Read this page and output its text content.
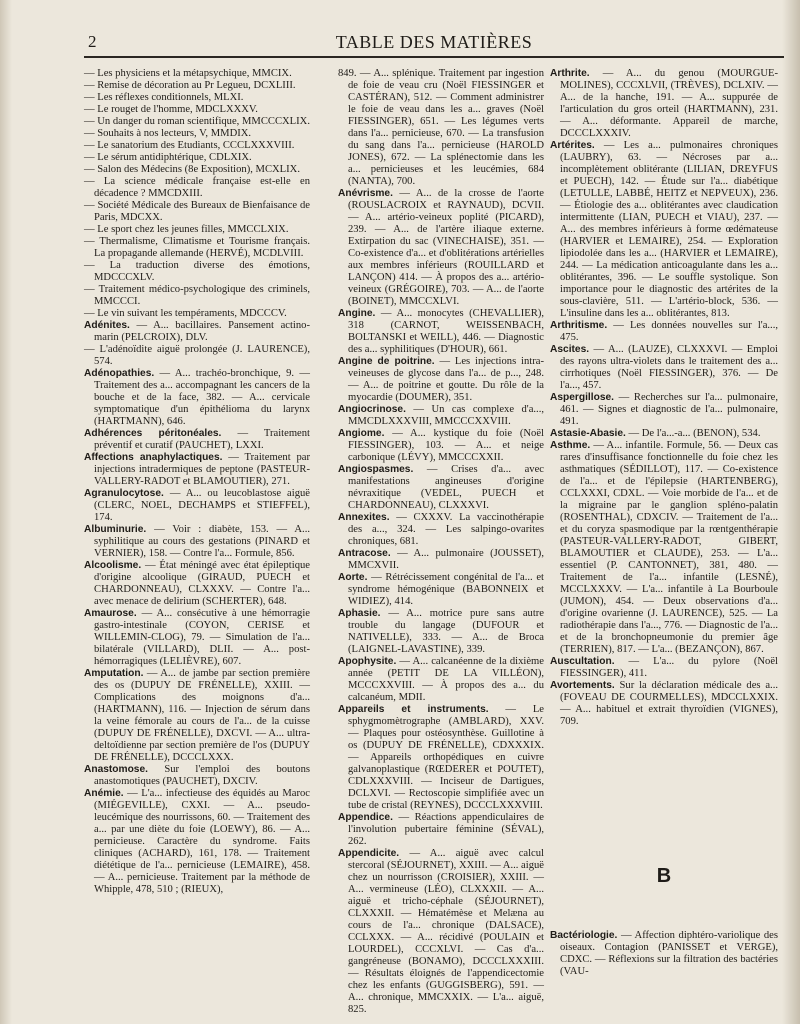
2	TABLE DES MATIÈRES
— Les physiciens et la métapsychique, MMCIX.
— Remise de décoration au Pr Legueu, DCXLIII.
— Les réflexes conditionnels, MLXI.
— Le rouget de l'homme, MDCLXXXV.
— Un danger du roman scientifique, MMCCCXLIX.
— Souhaits à nos lecteurs, V, MMDIX.
— Le sanatorium des Etudiants, CCCLXXXVIII.
— Le sérum antidiphtérique, CDLXIX.
— Salon des Médecins (8e Exposition), MCXLIX.
— La science médicale française est-elle en décadence ? MMCDXIII.
— Société Médicale des Bureaux de Bienfaisance de Paris, MDCXX.
— Le sport chez les jeunes filles, MMCCLXIX.
— Thermalisme, Climatisme et Tourisme français. La propagande allemande (HERVÉ), MCDLVIII.
— La traduction diverse des émotions, MDCCCXLV.
— Traitement médico-psychologique des criminels, MMCCCI.
— Le vin suivant les tempéraments, MDCCCV.
Adénites. — A... bacillaires. Pansement actino-marin (PELCROIX), DLV.
— L'adénoïdite aiguë prolongée (J. LAURENCE), 574.
Adénopathies. — A... trachéo-bronchique, 9. — Traitement des a... accompagnant les cancers de la bouche et de la face, 382. — A... cervicale symptomatique d'un épithélioma du larynx (HARTMANN), 646.
Adhérences péritonéales. — Traitement préventif et curatif (PAUCHET), LXXI.
Affections anaphylactiques. — Traitement par injections intradermiques de peptone (PASTEUR-VALLERY-RADOT et BLAMOUTIER), 271.
Agranulocytose. — A... ou leucoblastose aiguë (CLERC, NOEL, DECHAMPS et STIEFFEL), 174.
Albuminurie. — Voir : diabète, 153. — A... syphilitique au cours des gestations (PINARD et VERNIER), 158. — Contre l'a... Formule, 856.
Alcoolisme. — État méningé avec état épileptique d'origine alcoolique (GIRAUD, PUECH et CHARDONNEAU), CLXXXV. — Contre l'a... avec menace de delirium (SCHERTER), 648.
Amaurose. — A... consécutive à une hémorragie gastro-intestinale (COYON, CERISE et WILLEMIN-CLOG), 79. — Simulation de l'a... bilatérale (VILLARD), DLII. — A... post-hémorragiques (LELIÈVRE), 607.
Amputation. — A... de jambe par section première des os (DUPUY DE FRÉNELLE), XXIII. — Complications des moignons d'a... (HARTMANN), 116. — Injection de sérum dans la veine fémorale au cours de l'a... de la cuisse (DUPUY DE FRÉNELLE), DXCVI. — A... ultra-deltoïdienne par section première de l'os (DUPUY DE FRÉNELLE), DCCCLXXX.
Anastomose. Sur l'emploi des boutons anastomotiques (PAUCHET), DXCIV.
Anémie. — L'a... infectieuse des équidés au Maroc (MIÉGEVILLE), CXXI. — A... pseudo-leucémique des nourrissons, 60. — Traitement des a... par une diète du foie (LOEWY), 86. — A... pernicieuse. Caractère du syndrome. Faits cliniques (ACHARD), 161, 178. — Traitement diététique de l'a... pernicieuse (LEMAIRE), 458. — A... pernicieuse. Traitement par la méthode de Whipple, 478, 510 ; (RIEUX),
849. — A... splénique. Traitement par ingestion de foie de veau cru (Noël FIESSINGER et CASTÉRAN), 512. — Comment administrer le foie de veau dans les a... graves (Noël FIESSINGER), 651. — Les légumes verts dans l'a... pernicieuse, 670. — La transfusion du sang dans l'a... pernicieuse (HAROLD JONES), 672. — La splénectomie dans les a... pernicieuses et les leucémies, 684 (NANTA), 700.
Anévrisme. — A... de la crosse de l'aorte (ROUSLACROIX et RAYNAUD), DCVII. — A... artério-veineux poplité (PICARD), 239. — A... de l'artère iliaque externe. Extirpation du sac (VINECHAISE), 351. — Co-existence d'a... et d'oblitérations artérielles aux membres inférieurs (ROUILLARD et LANÇON) 414. — À propos des a... artério-veineux (GRÉGOIRE), 703. — A... de l'aorte (BOINET), MMCCXLVI.
Angine. — A... monocytes (CHEVALLIER), 318 (CARNOT, WEISSENBACH, BOLTANSKI et WEILL), 446. — Diagnostic des a... syphilitiques (D'HOUR), 661.
Angine de poitrine. — Les injections intra-veineuses de glycose dans l'a... de p..., 248. — A... de poitrine et goutte. Du rôle de la myocardie (DOUMER), 351.
Angiocrinose. — Un cas complexe d'a..., MMCDLXXXVIII, MMCCCXXVIII.
Angiome. — A... kystique du foie (Noël FIESSINGER), 103. — A... et neige carbonique (LÉVY), MMCCCXXII.
Angiospasmes. — Crises d'a... avec manifestations angineuses d'origine névraxitique (VEDEL, PUECH et CHARDONNEAU), CLXXXVI.
Annexites. — CXXXV. La vaccinothérapie des a..., 324. — Les salpingo-ovarites chroniques, 681.
Antracose. — A... pulmonaire (JOUSSET), MMCXVII.
Aorte. — Rétrécissement congénital de l'a... et syndrome hémogénique (BABONNEIX et WIDIEZ), 414.
Aphasie. — A... motrice pure sans autre trouble du langage (DUFOUR et NATIVELLE), 333. — A... de Broca (LAIGNEL-LAVASTINE), 339.
Apophysite. — A... calcanéenne de la dixième année (PETIT DE LA VILLÉON), MCCCXXVIII. — À propos des a... du calcanéum, MDII.
Appareils et instruments. — Le sphygmomètrographe (AMBLARD), XXV. — Plaques pour ostéosynthèse. Guillotine à os (DUPUY DE FRÉNELLE), CDXXXIX. — Appareils orthopédiques en cuivre galvanoplastique (RŒDERER et POUTET), CDLXXXVIII. — Inciseur de Dartigues, DCLXVI. — Rectoscopie simplifiée avec un tube de cristal (REYNES), DCCCLXXXVIII.
Appendice. — Réactions appendiculaires de l'involution pubertaire féminine (SÉVAL), 262.
Appendicite. — A... aiguë avec calcul stercoral (SÉJOURNET), XXIII. — A... aiguë chez un nourrisson (CROISIER), XXIII. — A... vermineuse (LÉO), CLXXXII. — A... aiguë et tricho-céphale (SÉJOURNET), CLXXXII. — Hématémèse et Melæna au cours de l'a... chronique (DALSACE), CCLXXX. — A... récidivé (POULAIN et LOURDEL), CCCXLVI. — Cas d'a... gangréneuse (BONAMO), DCCCLXXXIII. — Résultats éloignés de l'appendicectomie chez les enfants (GUGGISBERG), 591. — A... chronique, MMCXXIX. — L'a... aiguë, 825.
Arthrite. — A... du genou (MOURGUE-MOLINES), CCCXLVII, (TRÈVES), DCLXIV. — A... de la hanche, 191. — A... suppurée de l'articulation du gros orteil (HARTMANN), 231. — A... déformante. Appareil de marche, DCCCLXXXIV.
Artérites. — Les a... pulmonaires chroniques (LAUBRY), 63. — Nécroses par a... incomplètement oblitérante (LILIAN, DREYFUS et PUECH), 142. — Étude sur l'a... diabétique (LETULLE, LABBÉ, HEITZ et NEPVEUX), 236. — Étiologie des a... oblitérantes avec claudication intermittente (LIAN, PUECH et VIAU), 237. — A... des membres inférieurs à forme œdémateuse (HARVIER et LEMAIRE), 254. — Exploration lipiodolée dans les a... (HARVIER et LEMAIRE), 244. — La médication anticoagulante dans les a... oblitérantes, 396. — Le souffle systolique. Son importance pour le diagnostic des artérites de la sous-clavière, 511. — L'artério-block, 536. — L'insuline dans les a... oblitérantes, 813.
Arthritisme. — Les données nouvelles sur l'a..., 475.
Ascites. — A... (LAUZE), CLXXXVI. — Emploi des rayons ultra-violets dans le traitement des a... cirrhotiques (Noël FIESSINGER), 376. — De l'a..., 457.
Aspergillose. — Recherches sur l'a... pulmonaire, 461. — Signes et diagnostic de l'a... pulmonaire, 491.
Astasie-Abasie. — De l'a...-a... (BENON), 534.
Asthme. — A... infantile. Formule, 56. — Deux cas rares d'insuffisance fonctionnelle du foie chez les asthmatiques (SÉDILLOT), 117. — Co-existence de l'a... et de l'épilepsie (HARTENBERG), CCLXXXI, CDXL. — Voie morbide de l'a... et de la migraine par le ganglion spléno-palatin (ROSENTHAL), CDXCIV. — Traitement de l'a... et du coryza spasmodique par la rœntgenthérapie (PASTEUR-VALLERY-RADOT, GIBERT, BLAMOUTIER et CLAUDE), 253. — L'a... essentiel (P. CANTONNET), 381, 480. — Traitement de l'a... infantile (LESNÉ), MCCLXXXV. — L'a... infantile à La Bourboule (JUMON), 454. — Deux observations d'a... d'origine ovarienne (J. LAURENCE), 525. — La radiothérapie dans l'a..., 776. — Diagnostic de l'a... et de la bronchopneumonie du premier âge (TERRIEN), 817. — L'a... (BEZANÇON), 867.
Auscultation. — L'a... du pylore (Noël FIESSINGER), 411.
Avortements. Sur la déclaration médicale des a... (FOVEAU DE COURMELLES), MDCCLXXIX. — A... habituel et extrait thyroïdien (VIGNES), 709.
B
Bactériologie. — Affection diphtéro-variolique des oiseaux. Contagion (PANISSET et VERGE), CDXC. — Réflexions sur la filtration des bactéries (VAU-
